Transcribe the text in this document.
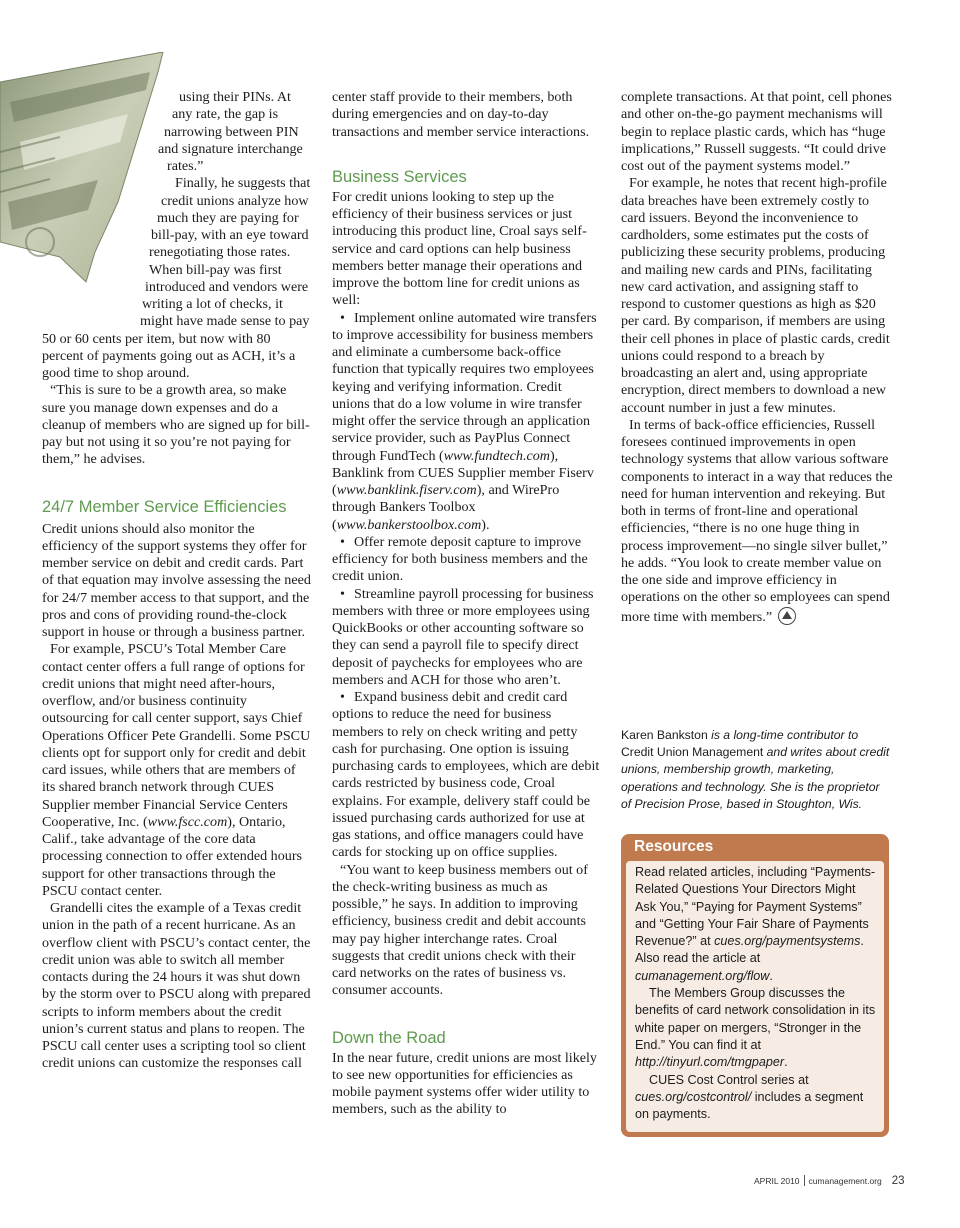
using their PINs. At any rate, the gap is narrowing between PIN and signature interchange rates.”

Finally, he suggests that credit unions analyze how much they are paying for bill-pay, with an eye toward renegotiating those rates. When bill-pay was first introduced and vendors were writing a lot of checks, it might have made sense to pay 50 or 60 cents per item, but now with 80 percent of payments going out as ACH, it’s a good time to shop around.

“This is sure to be a growth area, so make sure you manage down expenses and do a cleanup of members who are signed up for bill-pay but not using it so you’re not paying for them,” he advises.

24/7 Member Service Efficiencies

Credit unions should also monitor the efficiency of the support systems they offer for member service on debit and credit cards. Part of that equation may involve assessing the need for 24/7 member access to that support, and the pros and cons of providing round-the-clock support in house or through a business partner.

For example, PSCU’s Total Member Care contact center offers a full range of options for credit unions that might need after-hours, overflow, and/or business continuity outsourcing for call center support, says Chief Operations Officer Pete Grandelli. Some PSCU clients opt for support only for credit and debit card issues, while others that are members of its shared branch network through CUES Supplier member Financial Service Centers Cooperative, Inc. (www.fscc.com), Ontario, Calif., take advantage of the core data processing connection to offer extended hours support for other transactions through the PSCU contact center.

Grandelli cites the example of a Texas credit union in the path of a recent hurricane. As an overflow client with PSCU’s contact center, the credit union was able to switch all member contacts during the 24 hours it was shut down by the storm over to PSCU along with prepared scripts to inform members about the credit union’s current status and plans to reopen. The PSCU call center uses a scripting tool so client credit unions can customize the responses call

center staff provide to their members, both during emergencies and on day-to-day transactions and member service interactions.

Business Services

For credit unions looking to step up the efficiency of their business services or just introducing this product line, Croal says self-service and card options can help business members better manage their operations and improve the bottom line for credit unions as well:

• Implement online automated wire transfers to improve accessibility for business members and eliminate a cumbersome back-office function that typically requires two employees keying and verifying information. Credit unions that do a low volume in wire transfer might offer the service through an application service provider, such as PayPlus Connect through FundTech (www.fundtech.com), Banklink from CUES Supplier member Fiserv (www.banklink.fiserv.com), and WirePro through Bankers Toolbox (www.bankerstoolbox.com).

• Offer remote deposit capture to improve efficiency for both business members and the credit union.

• Streamline payroll processing for business members with three or more employees using QuickBooks or other accounting software so they can send a payroll file to specify direct deposit of paychecks for employees who are members and ACH for those who aren’t.

• Expand business debit and credit card options to reduce the need for business members to rely on check writing and petty cash for purchasing. One option is issuing purchasing cards to employees, which are debit cards restricted by business code, Croal explains. For example, delivery staff could be issued purchasing cards authorized for use at gas stations, and office managers could have cards for stocking up on office supplies.

“You want to keep business members out of the check-writing business as much as possible,” he says. In addition to improving efficiency, business credit and debit accounts may pay higher interchange rates. Croal suggests that credit unions check with their card networks on the rates of business vs. consumer accounts.

Down the Road

In the near future, credit unions are most likely to see new opportunities for efficiencies as mobile payment systems offer wider utility to members, such as the ability to

complete transactions. At that point, cell phones and other on-the-go payment mechanisms will begin to replace plastic cards, which has “huge implications,” Russell suggests. “It could drive cost out of the payment systems model.”

For example, he notes that recent high-profile data breaches have been extremely costly to card issuers. Beyond the inconvenience to cardholders, some estimates put the costs of publicizing these security problems, producing and mailing new cards and PINs, facilitating new card activation, and assigning staff to respond to customer questions as high as $20 per card. By comparison, if members are using their cell phones in place of plastic cards, credit unions could respond to a breach by broadcasting an alert and, using appropriate encryption, direct members to download a new account number in just a few minutes.

In terms of back-office efficiencies, Russell foresees continued improvements in open technology systems that allow various software components to interact in a way that reduces the need for human intervention and rekeying. But both in terms of front-line and operational efficiencies, “there is no one huge thing in process improvement—no single silver bullet,” he adds. “You look to create member value on the one side and improve efficiency in operations on the other so employees can spend more time with members.”

Karen Bankston is a long-time contributor to Credit Union Management and writes about credit unions, membership growth, marketing, operations and technology. She is the proprietor of Precision Prose, based in Stoughton, Wis.
Resources

Read related articles, including “Payments-Related Questions Your Directors Might Ask You,” “Paying for Payment Systems” and “Getting Your Fair Share of Payments Revenue?” at cues.org/paymentsystems. Also read the article at cumanagement.org/flow.

The Members Group discusses the benefits of card network consolidation in its white paper on mergers, “Stronger in the End.” You can find it at http://tinyurl.com/tmgpaper.

CUES Cost Control series at cues.org/costcontrol/ includes a segment on payments.

APRIL 2010 cumanagement.org 23
